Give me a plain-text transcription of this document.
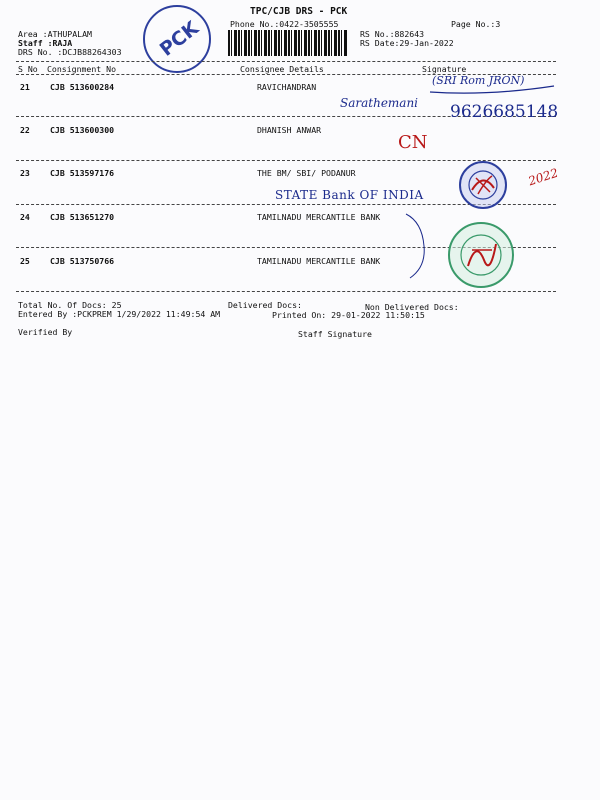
TPC/CJB DRS - PCK
Phone No.:0422-3505555	Page No.:3
Area :ATHUPALAM
Staff :RAJA
DRS No. :DCJB88264303
RS No.:882643
RS Date:29-Jan-2022
PCK
S No Consignment No	Consignee Details	Signature
21 CJB 513600284	RAVICHANDRAN
22 CJB 513600300	DHANISH ANWAR
23 CJB 513597176	THE BM/ SBI/ PODANUR
24 CJB 513651270	TAMILNADU MERCANTILE BANK
25 CJB 513750766	TAMILNADU MERCANTILE BANK
(SRI Rom JRON)
Sarathemani 9626685148
CN
STATE Bank OF INDIA
2022
Total No. Of Docs: 25	Delivered Docs:	Non Delivered Docs:
Entered By :PCKPREM 1/29/2022 11:49:54 AM	Printed On: 29-01-2022 11:50:15
Verified By	Staff Signature
